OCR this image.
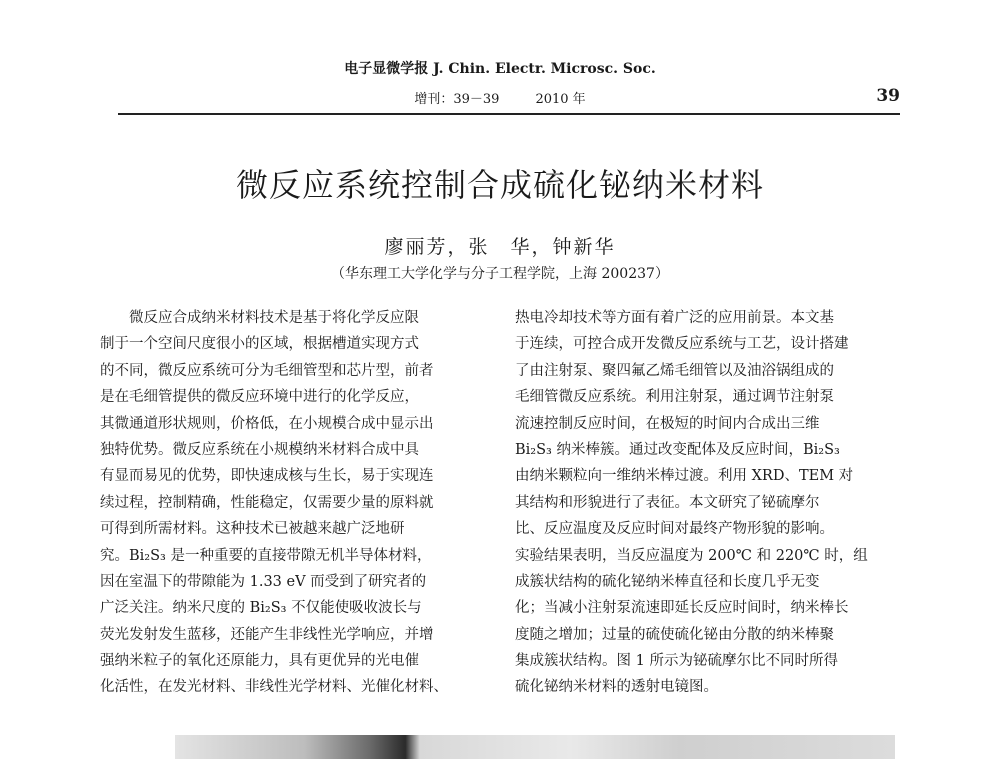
电子显微学报 J. Chin. Electr. Microsc. Soc.
增刊：39－39	2010 年	39
微反应系统控制合成硫化铋纳米材料
廖丽芳，张　华，钟新华
（华东理工大学化学与分子工程学院，上海 200237）
微反应合成纳米材料技术是基于将化学反应限
制于一个空间尺度很小的区域，根据槽道实现方式
的不同，微反应系统可分为毛细管型和芯片型，前者
是在毛细管提供的微反应环境中进行的化学反应，
其微通道形状规则，价格低，在小规模合成中显示出
独特优势。微反应系统在小规模纳米材料合成中具
有显而易见的优势，即快速成核与生长，易于实现连
续过程，控制精确，性能稳定，仅需要少量的原料就
可得到所需材料。这种技术已被越来越广泛地研
究。Bi₂S₃ 是一种重要的直接带隙无机半导体材料，
因在室温下的带隙能为 1.33 eV 而受到了研究者的
广泛关注。纳米尺度的 Bi₂S₃ 不仅能使吸收波长与
荧光发射发生蓝移，还能产生非线性光学响应，并增
强纳米粒子的氧化还原能力，具有更优异的光电催
化活性，在发光材料、非线性光学材料、光催化材料、
热电冷却技术等方面有着广泛的应用前景。本文基
于连续，可控合成开发微反应系统与工艺，设计搭建
了由注射泵、聚四氟乙烯毛细管以及油浴锅组成的
毛细管微反应系统。利用注射泵，通过调节注射泵
流速控制反应时间，在极短的时间内合成出三维
Bi₂S₃ 纳米棒簇。通过改变配体及反应时间，Bi₂S₃
由纳米颗粒向一维纳米棒过渡。利用 XRD、TEM 对
其结构和形貌进行了表征。本文研究了铋硫摩尔
比、反应温度及反应时间对最终产物形貌的影响。
实验结果表明，当反应温度为 200℃ 和 220℃ 时，组
成簇状结构的硫化铋纳米棒直径和长度几乎无变
化；当减小注射泵流速即延长反应时间时，纳米棒长
度随之增加；过量的硫使硫化铋由分散的纳米棒聚
集成簇状结构。图 1 所示为铋硫摩尔比不同时所得
硫化铋纳米材料的透射电镜图。
